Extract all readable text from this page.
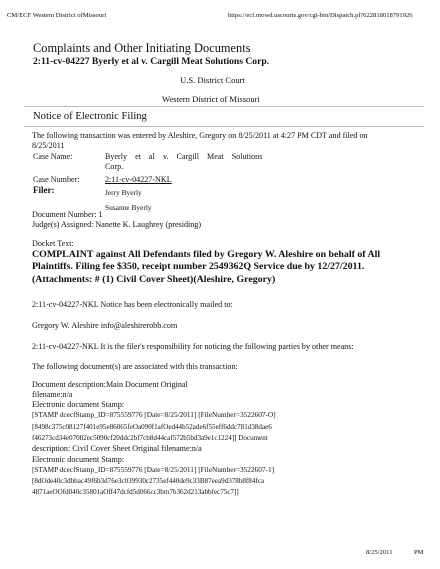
CM/ECF Western District ofMissouri	https://ecf.mowd.uscourts.gov/cgi-bin/Dispatch.pl?622818018791926
Complaints and Other Initiating Documents
2:11-cv-04227 Byerly et al v. Cargill Meat Solutions Corp.
U.S. District Court
Western District of Missouri
Notice of Electronic Filing
The following transaction was entered by Aleshire, Gregory on 8/25/2011 at 4:27 PM CDT and filed on
8/25/2011
Case Name:	Byerly    et    al    v.    Cargill    Meat    Solutions
Corp.
Case Number:	2:11-cv-04227-NKL
Filer:	Jerry Byerly
Susanne Byerly
Document Number: 1
Judge(s) Assigned: Nanette K. Laughrey (presiding)
Docket Text:
COMPLAINT against All Defendants filed by Gregory W. Aleshire on behalf of All
Plaintiffs. Filing fee $350, receipt number 2549362Q Service due by 12/27/2011.
(Attachments: # (1) Civil Cover Sheet)(Aleshire, Gregory)
2:11-cv-04227-NKL Notice has been electronically mailed to:
Gregory W. Aleshire info@aleshirerobb.com
2:11-cv-04227-NKL It is the filer's responsibility for noticing the following parties by other means:
The following document(s) are associated with this transaction:
Document description:Main Document Original
filename:n/a
Electronic document Stamp:
[STAMP dcecfStamp_ID=875559776 [Date=8/25/2011] [FileNumber=3522607-O]
[8498c375c08127f401e95e86065feOa090f1afOed44b52ade6f55eff6ddc781d38dae6
f46273cd34e07082ec5090cf20ddc2bf7cb8d44caf572b5bd3a9e1c1224]] Document
description: Civil Cover Sheet Original filename:n/a
Electronic document Stamp:
[STAMP dcecfStamp_ID=875559776 [Date=8/25/2011] [FileNumber=3522607-1]
[8dOde40c3dbbac49f6b3d76e3c039930c2735ef440de9c33B87eea9d378b8f84fca
4871aeOOfd040c35801aOff47dcfd5d066cc3bm7b362d213abbfec75c7]]
8/25/2011	PM
